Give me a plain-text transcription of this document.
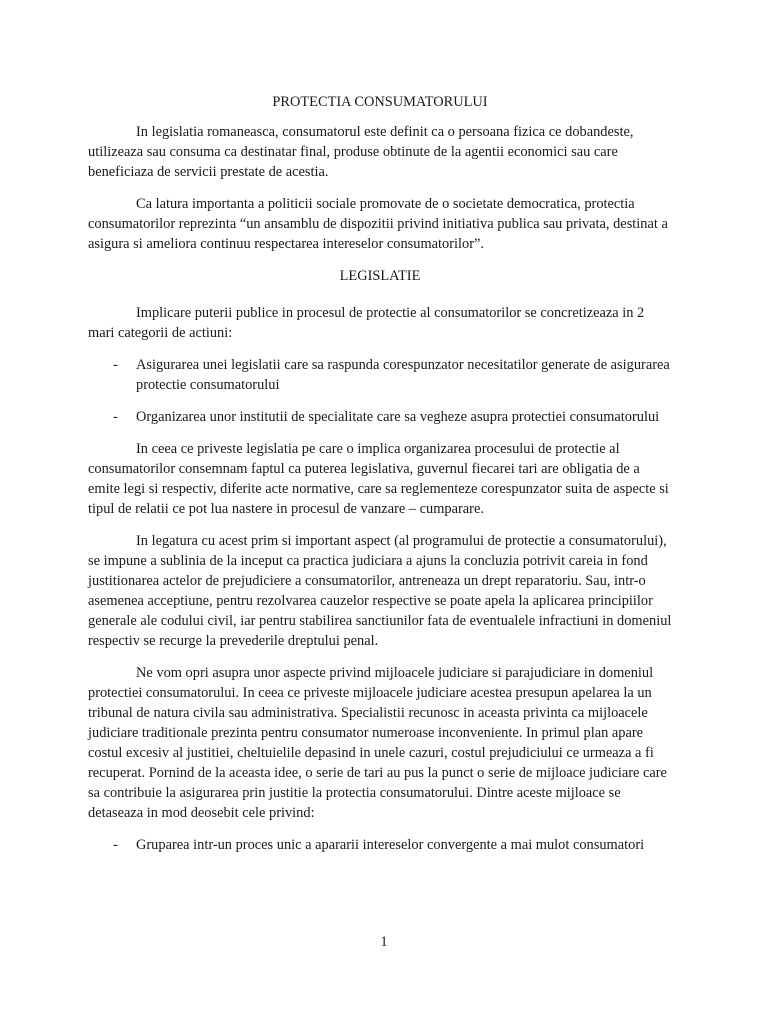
PROTECTIA CONSUMATORULUI

In legislatia romaneasca, consumatorul este definit ca o persoana fizica ce dobandeste, utilizeaza sau consuma ca destinatar final, produse obtinute de la agentii economici sau care beneficiaza de servicii prestate de acestia.

Ca latura importanta a politicii sociale promovate de o societate democratica, protectia consumatorilor reprezinta “un ansamblu de dispozitii privind initiativa publica sau privata, destinat a asigura si ameliora continuu respectarea intereselor consumatorilor”.

LEGISLATIE

Implicare puterii publice in procesul de protectie al consumatorilor se concretizeaza in 2 mari categorii de actiuni:

- Asigurarea unei legislatii care sa raspunda corespunzator necesitatilor generate de asigurarea protectie consumatorului
- Organizarea unor institutii de specialitate care sa vegheze asupra protectiei consumatorului

In ceea ce priveste legislatia pe care o implica organizarea procesului de protectie al consumatorilor consemnam faptul ca puterea legislativa, guvernul fiecarei tari are obligatia de a emite legi si respectiv, diferite acte normative, care sa reglementeze corespunzator suita de aspecte si tipul de relatii ce pot lua nastere in procesul de vanzare – cumparare.

In legatura cu acest prim si important aspect (al programului de protectie a consumatorului), se impune a sublinia de la inceput ca practica judiciara a ajuns la concluzia potrivit careia in fond justitionarea actelor de prejudiciere a consumatorilor, antreneaza un drept reparatoriu. Sau, intr-o asemenea acceptiune, pentru rezolvarea cauzelor respective se poate apela la aplicarea principiilor generale ale codului civil, iar pentru stabilirea sanctiunilor fata de eventualele infractiuni in domeniul respectiv se recurge la prevederile dreptului penal.

Ne vom opri asupra unor aspecte privind mijloacele judiciare si parajudiciare in domeniul protectiei consumatorului. In ceea ce priveste mijloacele judiciare acestea presupun apelarea la un tribunal de natura civila sau administrativa. Specialistii recunosc in aceasta privinta ca mijloacele judiciare traditionale prezinta pentru consumator numeroase inconveniente. In primul plan apare costul excesiv al justitiei, cheltuielile depasind in unele cazuri, costul prejudiciului ce urmeaza a fi recuperat. Pornind de la aceasta idee, o serie de tari au pus la punct o serie de mijloace judiciare care sa contribuie la asigurarea prin justitie la protectia consumatorului. Dintre aceste mijloace se detaseaza in mod deosebit cele privind:

- Gruparea intr-un proces unic a apararii intereselor convergente a mai mulot consumatori
1
